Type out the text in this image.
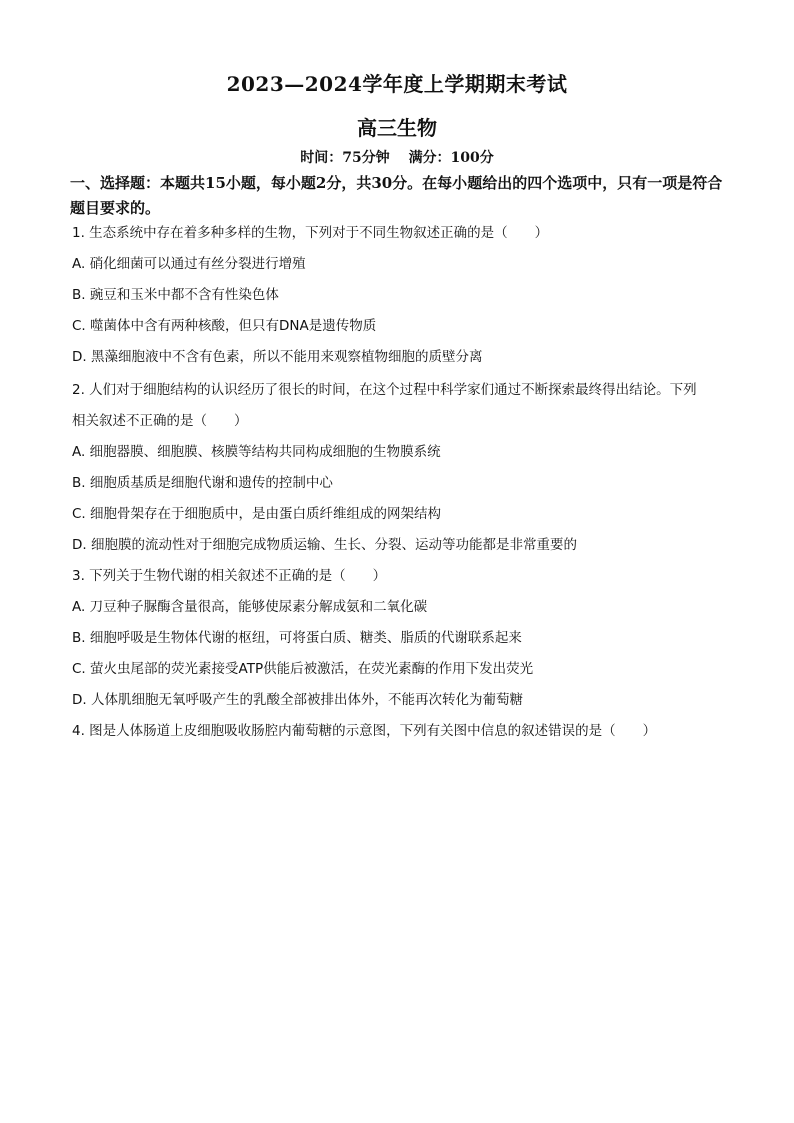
2023—2024学年度上学期期末考试
高三生物
时间：75分钟 满分：100分
一、选择题：本题共15小题，每小题2分，共30分。在每小题给出的四个选项中，只有一项是符合题目要求的。
1. 生态系统中存在着多种多样的生物，下列对于不同生物叙述正确的是（　　）
A. 硝化细菌可以通过有丝分裂进行增殖
B. 豌豆和玉米中都不含有性染色体
C. 噬菌体中含有两种核酸，但只有DNA是遗传物质
D. 黑藻细胞液中不含有色素，所以不能用来观察植物细胞的质壁分离
2. 人们对于细胞结构的认识经历了很长的时间，在这个过程中科学家们通过不断探索最终得出结论。下列
相关叙述不正确的是（　　）
A. 细胞器膜、细胞膜、核膜等结构共同构成细胞的生物膜系统
B. 细胞质基质是细胞代谢和遗传的控制中心
C. 细胞骨架存在于细胞质中，是由蛋白质纤维组成的网架结构
D. 细胞膜的流动性对于细胞完成物质运输、生长、分裂、运动等功能都是非常重要的
3. 下列关于生物代谢的相关叙述不正确的是（　　）
A. 刀豆种子脲酶含量很高，能够使尿素分解成氨和二氧化碳
B. 细胞呼吸是生物体代谢的枢纽，可将蛋白质、糖类、脂质的代谢联系起来
C. 萤火虫尾部的荧光素接受ATP供能后被激活，在荧光素酶的作用下发出荧光
D. 人体肌细胞无氧呼吸产生的乳酸全部被排出体外，不能再次转化为葡萄糖
4. 图是人体肠道上皮细胞吸收肠腔内葡萄糖的示意图，下列有关图中信息的叙述错误的是（　　）
